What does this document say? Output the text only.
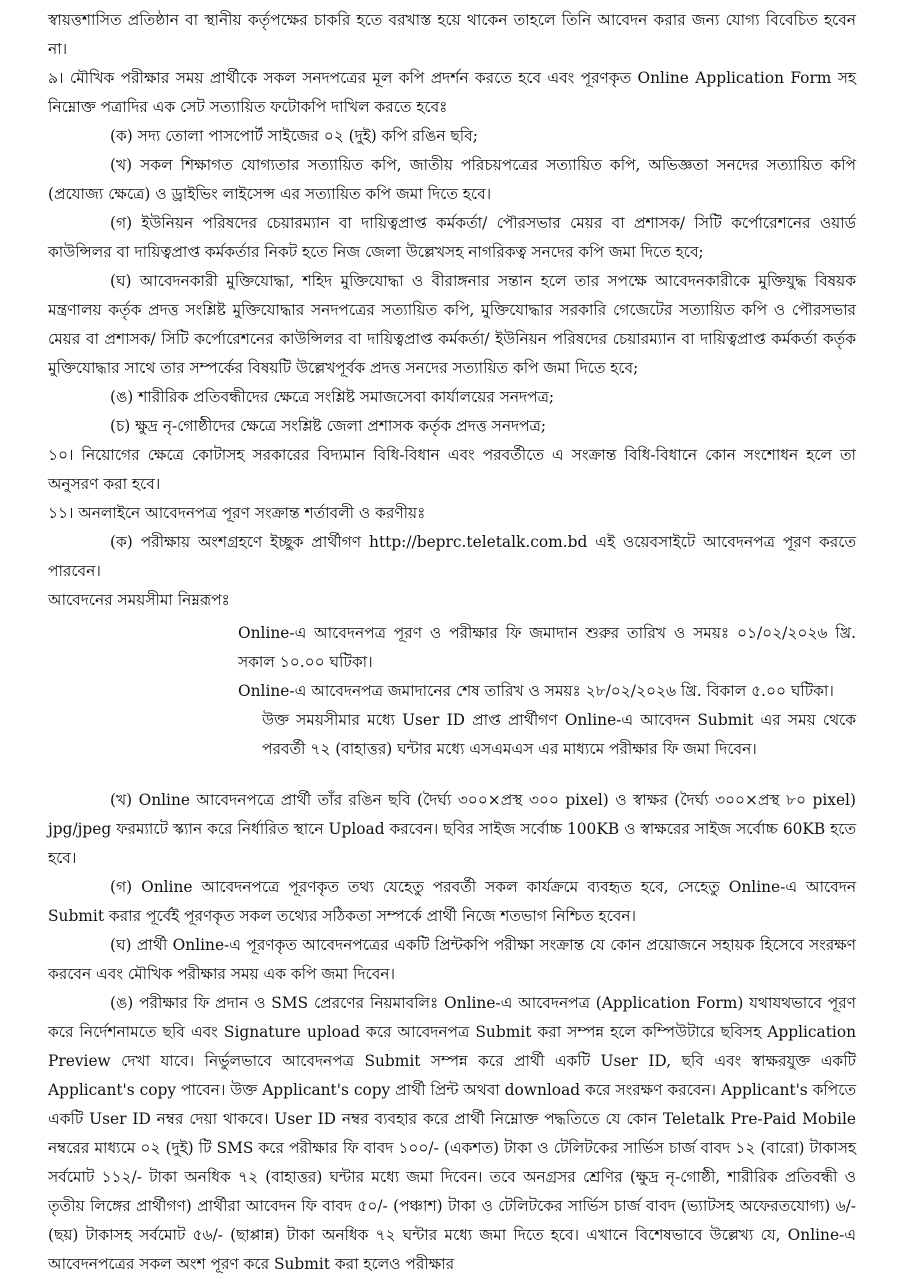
স্বায়ত্তশাসিত প্রতিষ্ঠান বা স্থানীয় কর্তৃপক্ষের চাকরি হতে বরখাস্ত হয়ে থাকেন তাহলে তিনি আবেদন করার জন্য যোগ্য বিবেচিত হবেন না।

৯। মৌখিক পরীক্ষার সময় প্রার্থীকে সকল সনদপত্রের মূল কপি প্রদর্শন করতে হবে এবং পূরণকৃত Online Application Form সহ নিম্নোক্ত পত্রাদির এক সেট সত্যায়িত ফটোকপি দাখিল করতে হবেঃ

(ক) সদ্য তোলা পাসপোর্ট সাইজের ০২ (দুই) কপি রঙিন ছবি;

(খ) সকল শিক্ষাগত যোগ্যতার সত্যায়িত কপি, জাতীয় পরিচয়পত্রের সত্যায়িত কপি, অভিজ্ঞতা সনদের সত্যায়িত কপি (প্রযোজ্য ক্ষেত্রে) ও ড্রাইভিং লাইসেন্স এর সত্যায়িত কপি জমা দিতে হবে।

(গ) ইউনিয়ন পরিষদের চেয়ারম্যান বা দায়িত্বপ্রাপ্ত কর্মকর্তা/ পৌরসভার মেয়র বা প্রশাসক/ সিটি কর্পোরেশনের ওয়ার্ড কাউন্সিলর বা দায়িত্বপ্রাপ্ত কর্মকর্তার নিকট হতে নিজ জেলা উল্লেখসহ নাগরিকত্ব সনদের কপি জমা দিতে হবে;

(ঘ) আবেদনকারী মুক্তিযোদ্ধা, শহিদ মুক্তিযোদ্ধা ও বীরাঙ্গনার সন্তান হলে তার সপক্ষে আবেদনকারীকে মুক্তিযুদ্ধ বিষয়ক মন্ত্রণালয় কর্তৃক প্রদত্ত সংশ্লিষ্ট মুক্তিযোদ্ধার সনদপত্রের সত্যায়িত কপি, মুক্তিযোদ্ধার সরকারি গেজেটের সত্যায়িত কপি ও পৌরসভার মেয়র বা প্রশাসক/ সিটি কর্পোরেশনের কাউন্সিলর বা দায়িত্বপ্রাপ্ত কর্মকর্তা/ ইউনিয়ন পরিষদের চেয়ারম্যান বা দায়িত্বপ্রাপ্ত কর্মকর্তা কর্তৃক মুক্তিযোদ্ধার সাথে তার সম্পর্কের বিষয়টি উল্লেখপূর্বক প্রদত্ত সনদের সত্যায়িত কপি জমা দিতে হবে;

(ঙ) শারীরিক প্রতিবন্ধীদের ক্ষেত্রে সংশ্লিষ্ট সমাজসেবা কার্যালয়ের সনদপত্র;

(চ) ক্ষুদ্র নৃ-গোষ্ঠীদের ক্ষেত্রে সংশ্লিষ্ট জেলা প্রশাসক কর্তৃক প্রদত্ত সনদপত্র;

১০। নিয়োগের ক্ষেত্রে কোটাসহ সরকারের বিদ্যমান বিধি-বিধান এবং পরবর্তীতে এ সংক্রান্ত বিধি-বিধানে কোন সংশোধন হলে তা অনুসরণ করা হবে।

১১। অনলাইনে আবেদনপত্র পূরণ সংক্রান্ত শর্তাবলী ও করণীয়ঃ

(ক) পরীক্ষায় অংশগ্রহণে ইচ্ছুক প্রার্থীগণ http://beprc.teletalk.com.bd এই ওয়েবসাইটে আবেদনপত্র পূরণ করতে পারবেন।

আবেদনের সময়সীমা নিম্নরূপঃ

Online-এ আবেদনপত্র পূরণ ও পরীক্ষার ফি জমাদান শুরুর তারিখ ও সময়ঃ ০১/০২/২০২৬ খ্রি. সকাল ১০.০০ ঘটিকা।

Online-এ আবেদনপত্র জমাদানের শেষ তারিখ ও সময়ঃ ২৮/০২/২০২৬ খ্রি. বিকাল ৫.০০ ঘটিকা।

উক্ত সময়সীমার মধ্যে User ID প্রাপ্ত প্রার্থীগণ Online-এ আবেদন Submit এর সময় থেকে পরবর্তী ৭২ (বাহাত্তর) ঘন্টার মধ্যে এসএমএস এর মাধ্যমে পরীক্ষার ফি জমা দিবেন।

(খ) Online আবেদনপত্রে প্রার্থী তাঁর রঙিন ছবি (দৈর্ঘ্য ৩০০×প্রস্থ ৩০০ pixel) ও স্বাক্ষর (দৈর্ঘ্য ৩০০×প্রস্থ ৮০ pixel) jpg/jpeg ফরম্যাটে স্ক্যান করে নির্ধারিত স্থানে Upload করবেন। ছবির সাইজ সর্বোচ্চ 100KB ও স্বাক্ষরের সাইজ সর্বোচ্চ 60KB হতে হবে।

(গ) Online আবেদনপত্রে পূরণকৃত তথ্য যেহেতু পরবর্তী সকল কার্যক্রমে ব্যবহৃত হবে, সেহেতু Online-এ আবেদন Submit করার পূর্বেই পূরণকৃত সকল তথ্যের সঠিকতা সম্পর্কে প্রার্থী নিজে শতভাগ নিশ্চিত হবেন।

(ঘ) প্রার্থী Online-এ পূরণকৃত আবেদনপত্রের একটি প্রিন্টকপি পরীক্ষা সংক্রান্ত যে কোন প্রয়োজনে সহায়ক হিসেবে সংরক্ষণ করবেন এবং মৌখিক পরীক্ষার সময় এক কপি জমা দিবেন।

(ঙ) পরীক্ষার ফি প্রদান ও SMS প্রেরণের নিয়মাবলিঃ Online-এ আবেদনপত্র (Application Form) যথাযথভাবে পূরণ করে নির্দেশনামতে ছবি এবং Signature upload করে আবেদনপত্র Submit করা সম্পন্ন হলে কম্পিউটারে ছবিসহ Application Preview দেখা যাবে। নির্ভুলভাবে আবেদনপত্র Submit সম্পন্ন করে প্রার্থী একটি User ID, ছবি এবং স্বাক্ষরযুক্ত একটি Applicant's copy পাবেন। উক্ত Applicant's copy প্রার্থী প্রিন্ট অথবা download করে সংরক্ষণ করবেন। Applicant's কপিতে একটি User ID নম্বর দেয়া থাকবে। User ID নম্বর ব্যবহার করে প্রার্থী নিম্নোক্ত পদ্ধতিতে যে কোন Teletalk Pre-Paid Mobile নম্বরের মাধ্যমে ০২ (দুই) টি SMS করে পরীক্ষার ফি বাবদ ১০০/- (একশত) টাকা ও টেলিটকের সার্ভিস চার্জ বাবদ ১২ (বারো) টাকাসহ সর্বমোট ১১২/- টাকা অনধিক ৭২ (বাহাত্তর) ঘন্টার মধ্যে জমা দিবেন। তবে অনগ্রসর শ্রেণির (ক্ষুদ্র নৃ-গোষ্ঠী, শারীরিক প্রতিবন্ধী ও তৃতীয় লিঙ্গের প্রার্থীগণ) প্রার্থীরা আবেদন ফি বাবদ ৫০/- (পঞ্চাশ) টাকা ও টেলিটকের সার্ভিস চার্জ বাবদ (ভ্যাটসহ অফেরতযোগ্য) ৬/- (ছয়) টাকাসহ সর্বমোট ৫৬/- (ছাপ্পান্ন) টাকা অনধিক ৭২ ঘন্টার মধ্যে জমা দিতে হবে। এখানে বিশেষভাবে উল্লেখ্য যে, Online-এ আবেদনপত্রের সকল অংশ পূরণ করে Submit করা হলেও পরীক্ষার
